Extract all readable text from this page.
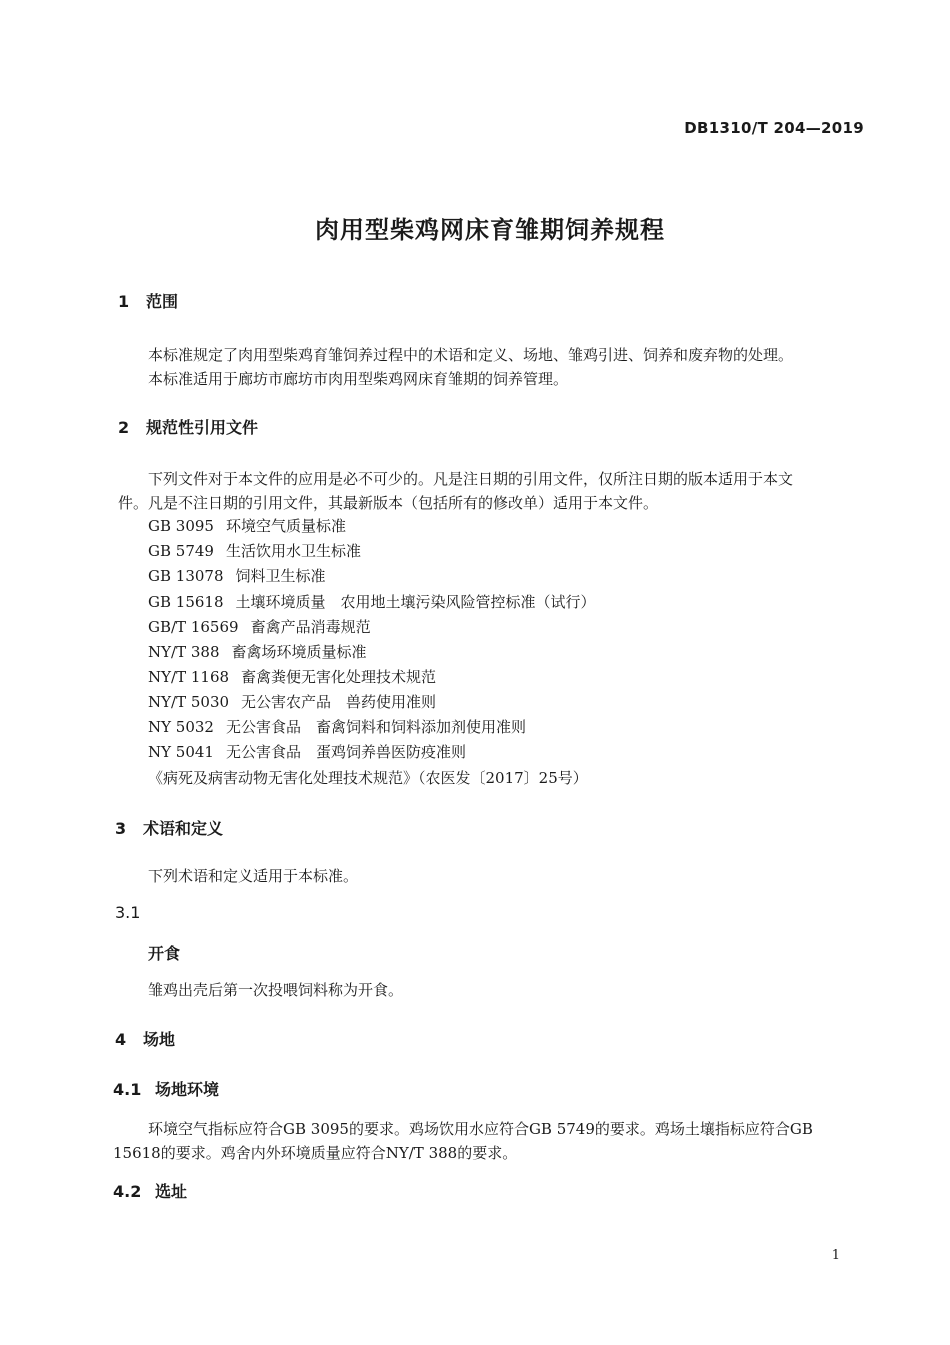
DB1310/T 204—2019
肉用型柴鸡网床育雏期饲养规程
1 范围
本标准规定了肉用型柴鸡育雏饲养过程中的术语和定义、场地、雏鸡引进、饲养和废弃物的处理。
本标准适用于廊坊市廊坊市肉用型柴鸡网床育雏期的饲养管理。
2 规范性引用文件
下列文件对于本文件的应用是必不可少的。凡是注日期的引用文件，仅所注日期的版本适用于本文
件。凡是不注日期的引用文件，其最新版本（包括所有的修改单）适用于本文件。
GB 3095 环境空气质量标准
GB 5749 生活饮用水卫生标准
GB 13078 饲料卫生标准
GB 15618 土壤环境质量　农用地土壤污染风险管控标准（试行）
GB/T 16569 畜禽产品消毒规范
NY/T 388 畜禽场环境质量标准
NY/T 1168 畜禽粪便无害化处理技术规范
NY/T 5030 无公害农产品　兽药使用准则
NY 5032 无公害食品　畜禽饲料和饲料添加剂使用准则
NY 5041 无公害食品　蛋鸡饲养兽医防疫准则
《病死及病害动物无害化处理技术规范》（农医发〔2017〕25号）
3 术语和定义
下列术语和定义适用于本标准。
3.1
开食
雏鸡出壳后第一次投喂饲料称为开食。
4 场地
4.1 场地环境
环境空气指标应符合GB 3095的要求。鸡场饮用水应符合GB 5749的要求。鸡场土壤指标应符合GB
15618的要求。鸡舍内外环境质量应符合NY/T 388的要求。
4.2 选址
1
